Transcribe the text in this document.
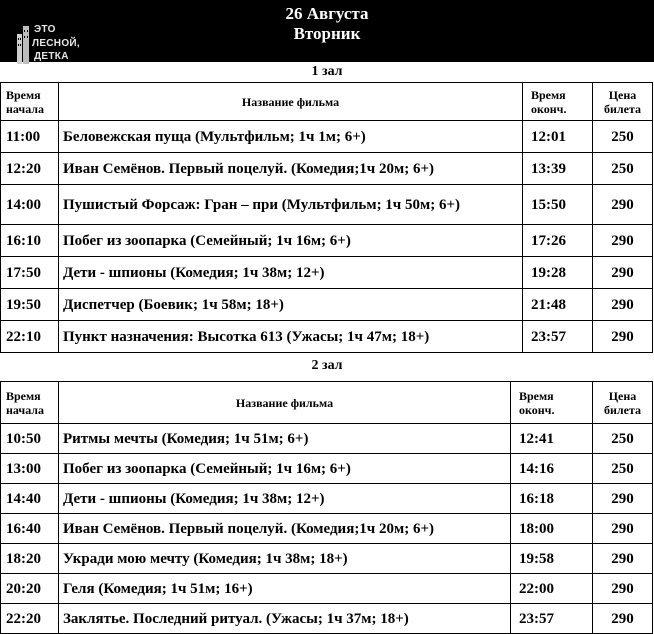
26 Августа
Вторник
ЭТО
ЛЕСНОЙ,
ДЕТКА
1 зал
Время начала	Название фильма	Время оконч.	Цена билета
11:00	Беловежская пуща (Мультфильм; 1ч 1м; 6+)	12:01	250
12:20	Иван Семёнов. Первый поцелуй. (Комедия;1ч 20м; 6+)	13:39	250
14:00	Пушистый Форсаж: Гран – при (Мультфильм; 1ч 50м; 6+)	15:50	290
16:10	Побег из зоопарка (Семейный; 1ч 16м; 6+)	17:26	290
17:50	Дети - шпионы (Комедия; 1ч 38м; 12+)	19:28	290
19:50	Диспетчер (Боевик; 1ч 58м; 18+)	21:48	290
22:10	Пункт назначения: Высотка 613 (Ужасы; 1ч 47м; 18+)	23:57	290
2 зал
Время начала	Название фильма	Время оконч.	Цена билета
10:50	Ритмы мечты (Комедия; 1ч 51м; 6+)	12:41	250
13:00	Побег из зоопарка (Семейный; 1ч 16м; 6+)	14:16	250
14:40	Дети - шпионы (Комедия; 1ч 38м; 12+)	16:18	290
16:40	Иван Семёнов. Первый поцелуй. (Комедия;1ч 20м; 6+)	18:00	290
18:20	Укради мою мечту (Комедия; 1ч 38м; 18+)	19:58	290
20:20	Геля (Комедия; 1ч 51м; 16+)	22:00	290
22:20	Заклятье. Последний ритуал. (Ужасы; 1ч 37м; 18+)	23:57	290
